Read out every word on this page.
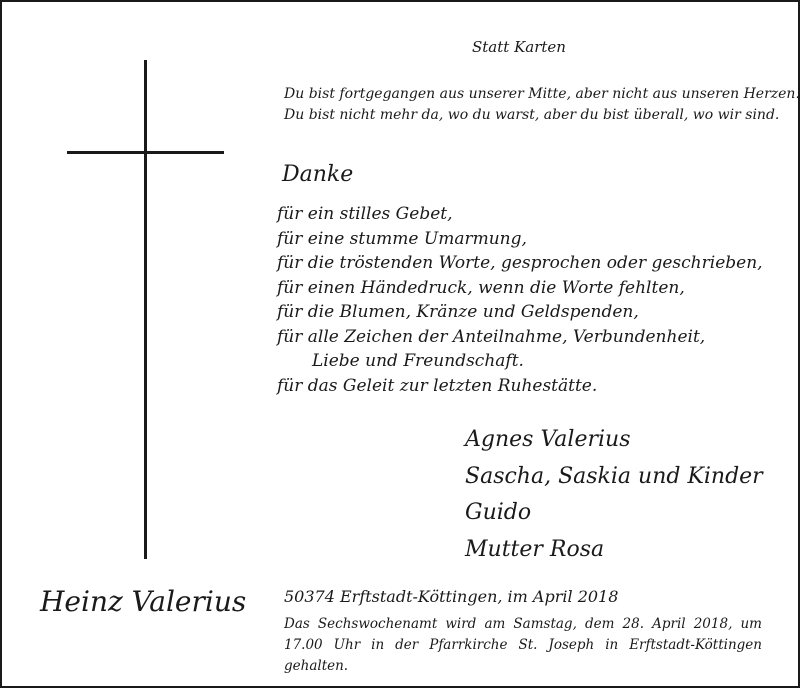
Statt Karten

Du bist fortgegangen aus unserer Mitte, aber nicht aus unseren Herzen.

Du bist nicht mehr da, wo du warst, aber du bist überall, wo wir sind.

Danke

für ein stilles Gebet,
für eine stumme Umarmung,
für die tröstenden Worte, gesprochen oder geschrieben,
für einen Händedruck, wenn die Worte fehlten,
für die Blumen, Kränze und Geldspenden,
für alle Zeichen der Anteilnahme, Verbundenheit,
Liebe und Freundschaft.
für das Geleit zur letzten Ruhestätte.
Agnes Valerius
Sascha, Saskia und Kinder
Guido
Mutter Rosa

Heinz Valerius 50374 Erftstadt-Köttingen, im April 2018

Das Sechswochenamt wird am Samstag, dem 28. April 2018, um 17.00 Uhr in der Pfarrkirche St. Joseph in Erftstadt-Köttingen gehalten.
